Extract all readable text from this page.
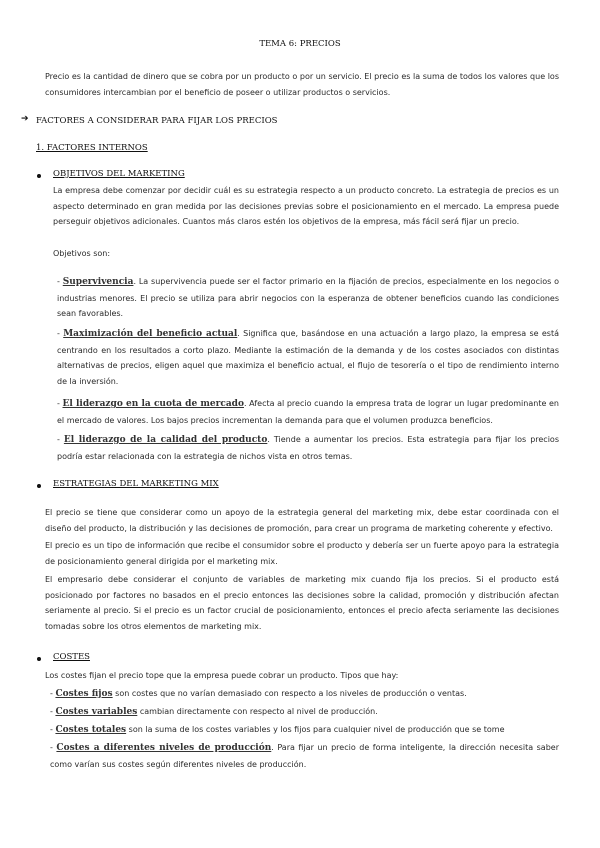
TEMA 6: PRECIOS
Precio es la cantidad de dinero que se cobra por un producto o por un servicio. El precio es la suma de todos los valores que los consumidores intercambian por el beneficio de poseer o utilizar productos o servicios.
➔ FACTORES A CONSIDERAR PARA FIJAR LOS PRECIOS
1. FACTORES INTERNOS
OBJETIVOS DEL MARKETING
La empresa debe comenzar por decidir cuál es su estrategia respecto a un producto concreto. La estrategia de precios es un aspecto determinado en gran medida por las decisiones previas sobre el posicionamiento en el mercado. La empresa puede perseguir objetivos adicionales. Cuantos más claros estén los objetivos de la empresa, más fácil será fijar un precio.
Objetivos son:
- Supervivencia. La supervivencia puede ser el factor primario en la fijación de precios, especialmente en los negocios o industrias menores. El precio se utiliza para abrir negocios con la esperanza de obtener beneficios cuando las condiciones sean favorables.
- Maximización del beneficio actual. Significa que, basándose en una actuación a largo plazo, la empresa se está centrando en los resultados a corto plazo. Mediante la estimación de la demanda y de los costes asociados con distintas alternativas de precios, eligen aquel que maximiza el beneficio actual, el flujo de tesorería o el tipo de rendimiento interno de la inversión.
- El liderazgo en la cuota de mercado. Afecta al precio cuando la empresa trata de lograr un lugar predominante en el mercado de valores. Los bajos precios incrementan la demanda para que el volumen produzca beneficios.
- El liderazgo de la calidad del producto. Tiende a aumentar los precios. Esta estrategia para fijar los precios podría estar relacionada con la estrategia de nichos vista en otros temas.
ESTRATEGIAS DEL MARKETING MIX
El precio se tiene que considerar como un apoyo de la estrategia general del marketing mix, debe estar coordinada con el diseño del producto, la distribución y las decisiones de promoción, para crear un programa de marketing coherente y efectivo.
El precio es un tipo de información que recibe el consumidor sobre el producto y debería ser un fuerte apoyo para la estrategia de posicionamiento general dirigida por el marketing mix.
El empresario debe considerar el conjunto de variables de marketing mix cuando fija los precios. Si el producto está posicionado por factores no basados en el precio entonces las decisiones sobre la calidad, promoción y distribución afectan seriamente al precio. Si el precio es un factor crucial de posicionamiento, entonces el precio afecta seriamente las decisiones tomadas sobre los otros elementos de marketing mix.
COSTES
Los costes fijan el precio tope que la empresa puede cobrar un producto. Tipos que hay:
- Costes fijos son costes que no varían demasiado con respecto a los niveles de producción o ventas.
- Costes variables cambian directamente con respecto al nivel de producción.
- Costes totales son la suma de los costes variables y los fijos para cualquier nivel de producción que se tome
- Costes a diferentes niveles de producción. Para fijar un precio de forma inteligente, la dirección necesita saber como varían sus costes según diferentes niveles de producción.
